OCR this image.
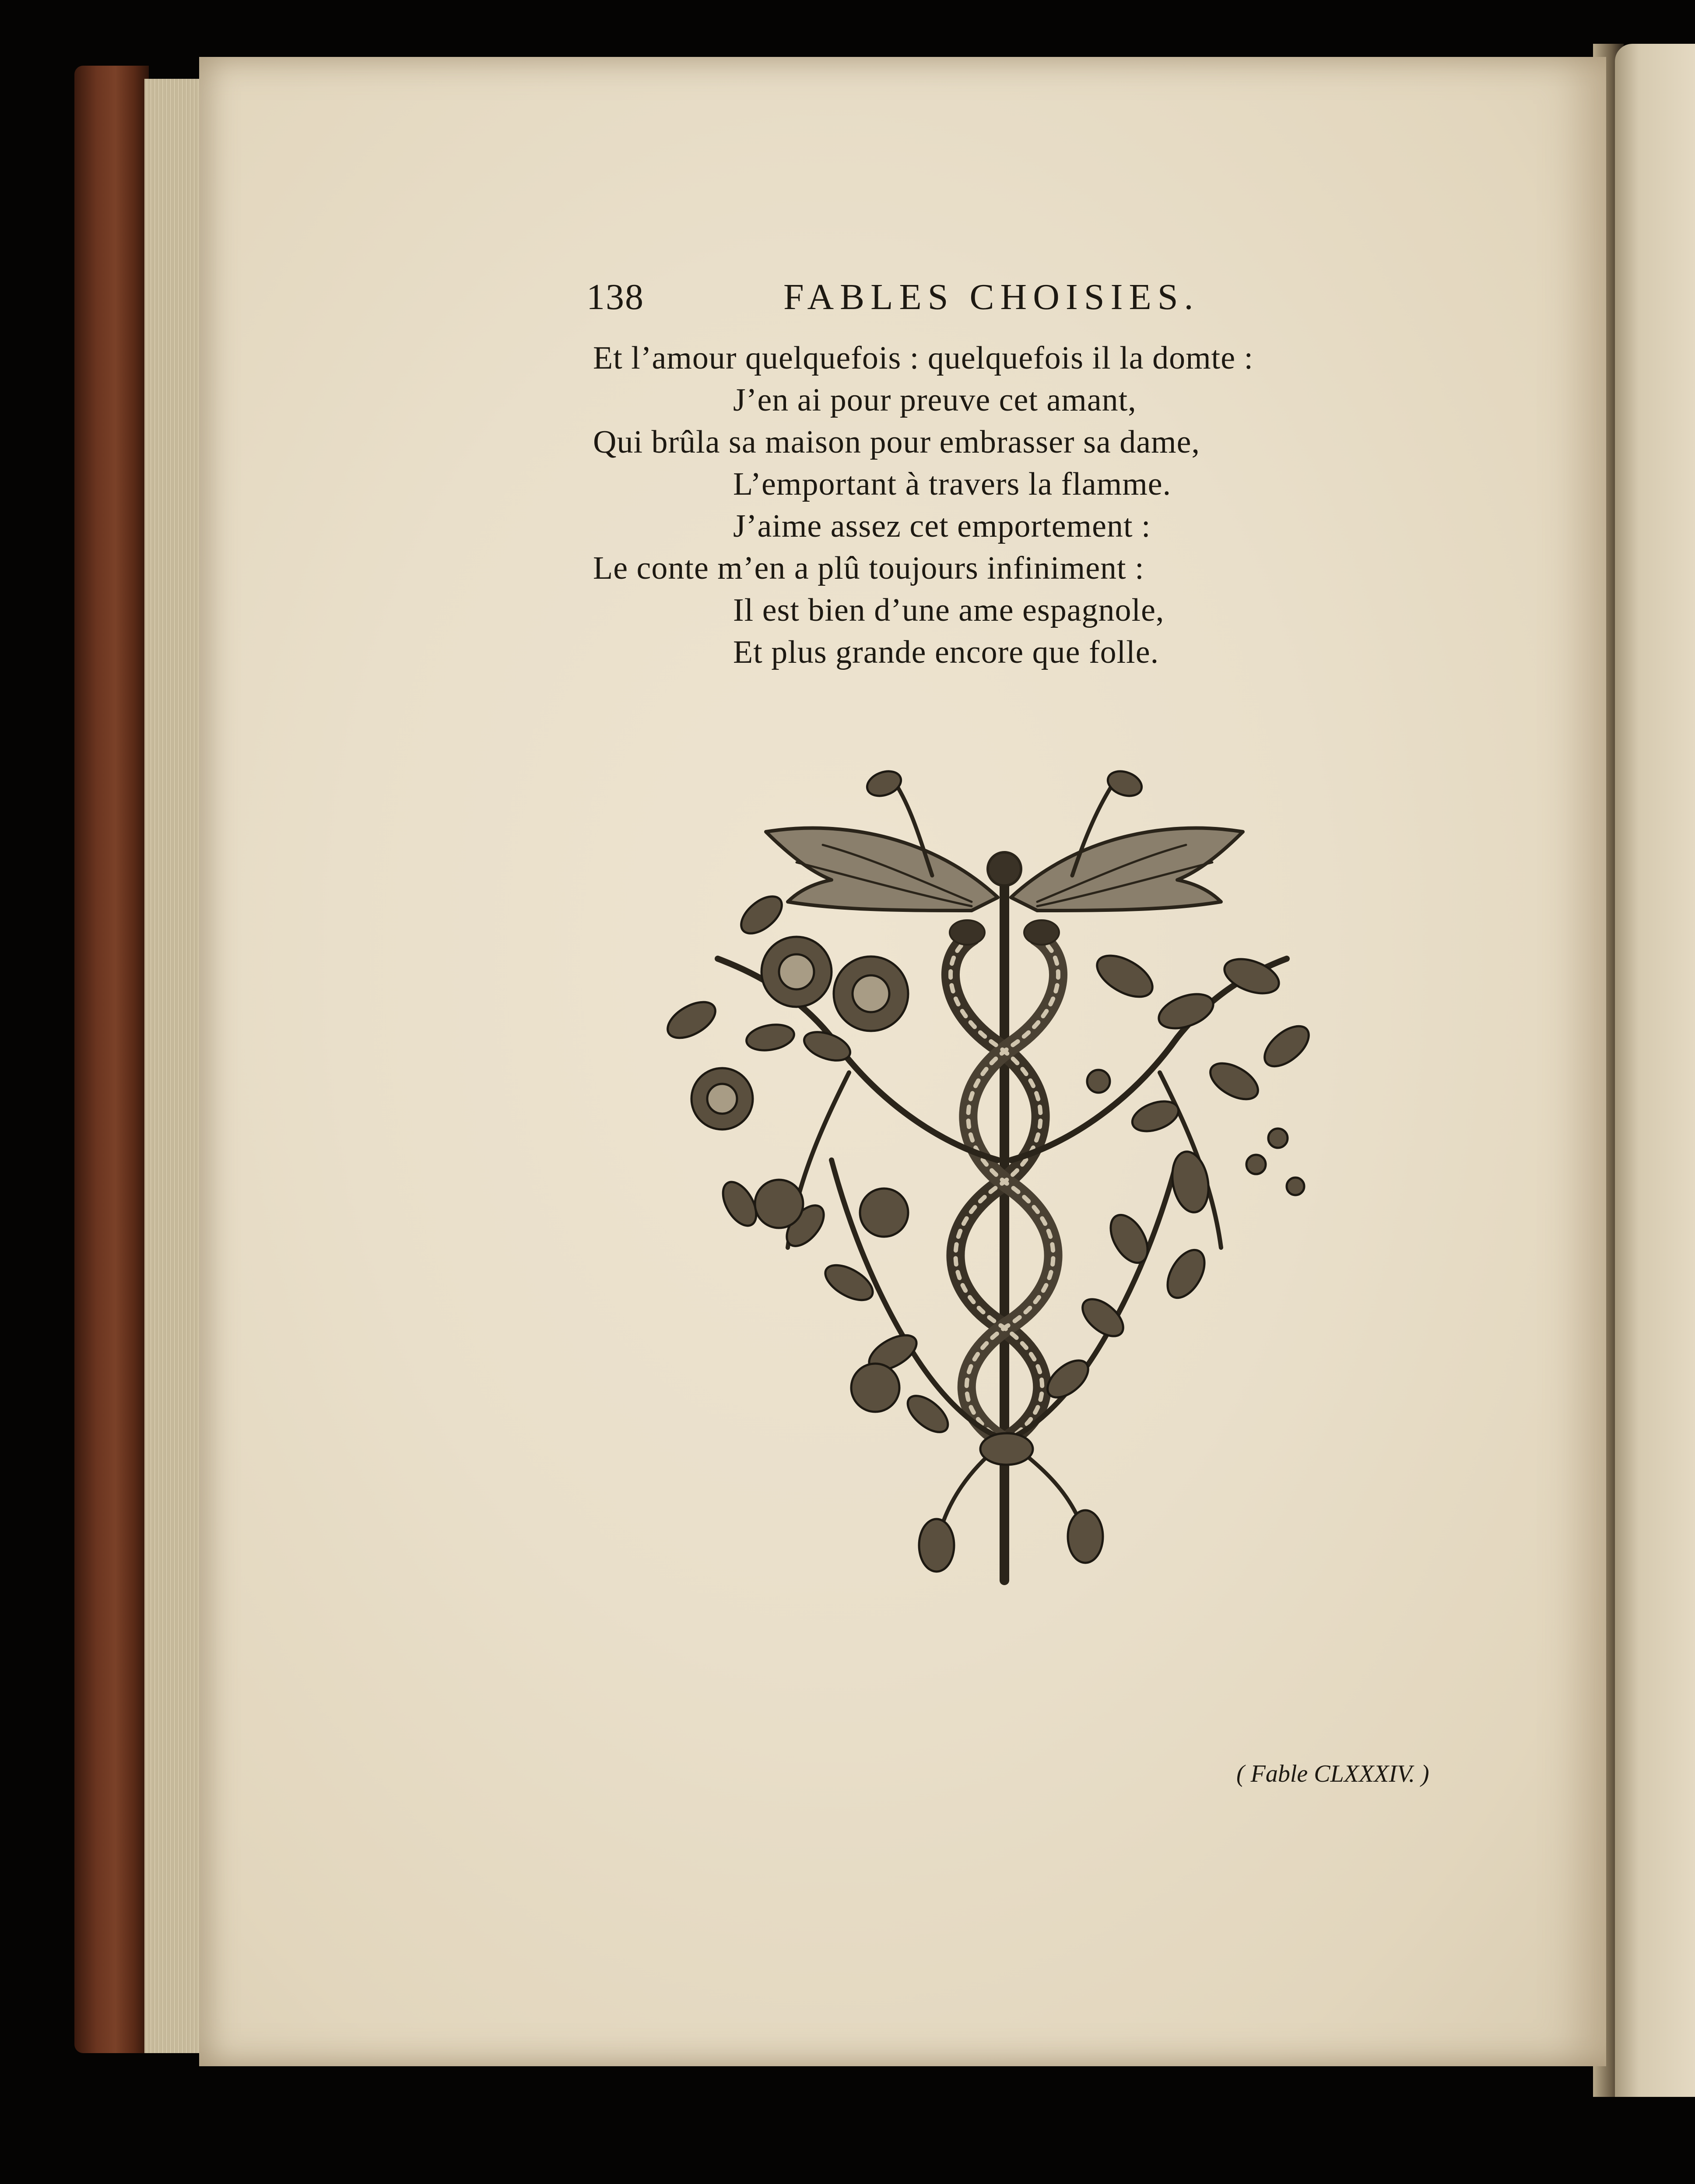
138	FABLES CHOISIES.
Et l’amour quelquefois : quelquefois il la domte :
J’en ai pour preuve cet amant,
Qui brûla sa maison pour embrasser sa dame,
L’emportant à travers la flamme.
J’aime assez cet emportement :
Le conte m’en a plû toujours infiniment :
Il est bien d’une ame espagnole,
Et plus grande encore que folle.
( Fable CLXXXIV. )
